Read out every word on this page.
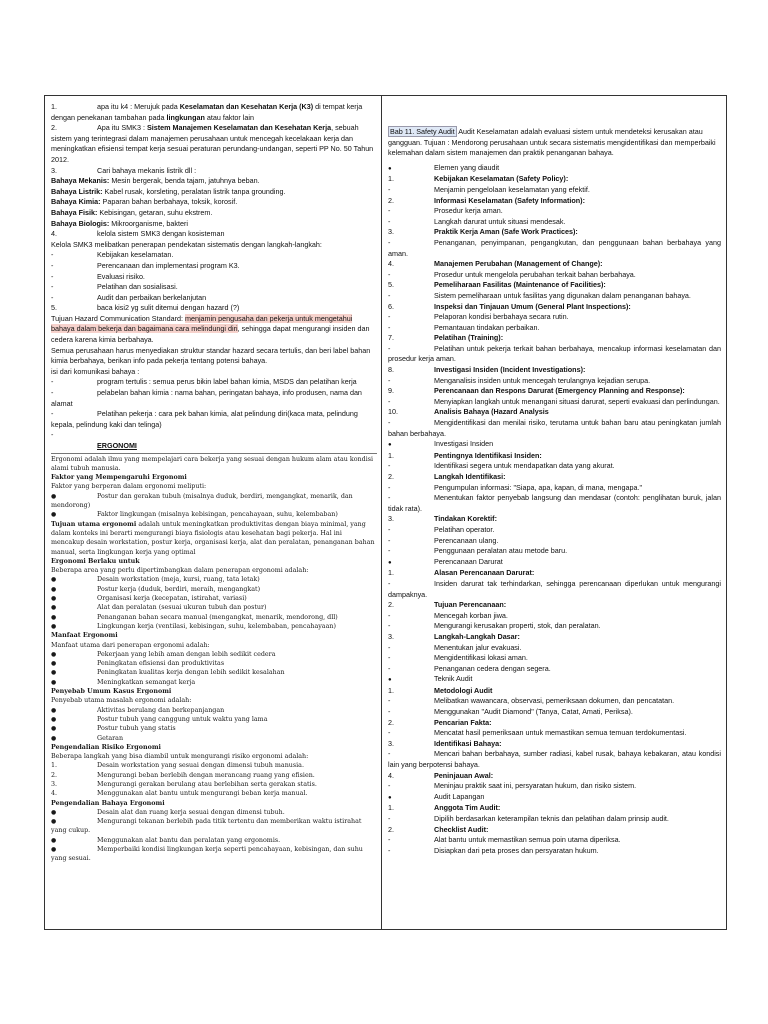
1.	apa itu k4 : Merujuk pada Keselamatan dan Kesehatan Kerja (K3) di tempat kerja dengan penekanan tambahan pada lingkungan atau faktor lain

2.	Apa itu SMK3 : Sistem Manajemen Keselamatan dan Kesehatan Kerja, sebuah sistem yang terintegrasi dalam manajemen perusahaan untuk mencegah kecelakaan kerja dan meningkatkan efisiensi tempat kerja sesuai peraturan perundang-undangan, seperti PP No. 50 Tahun 2012.

3.	Cari bahaya mekanis listrik dll :

Bahaya Mekanis: Mesin bergerak, benda tajam, jatuhnya beban.

Bahaya Listrik: Kabel rusak, korsleting, peralatan listrik tanpa grounding.

Bahaya Kimia: Paparan bahan berbahaya, toksik, korosif.

Bahaya Fisik: Kebisingan, getaran, suhu ekstrem.

Bahaya Biologis: Mikroorganisme, bakteri

4.	kelola sistem SMK3 dengan kosisteman

Kelola SMK3 melibatkan penerapan pendekatan sistematis dengan langkah-langkah:

- Kebijakan keselamatan.

- Perencanaan dan implementasi program K3.

- Evaluasi risiko.

- Pelatihan dan sosialisasi.

- Audit dan perbaikan berkelanjutan

5.	baca kisi2 yg sulit ditemui dengan hazard (?)

Tujuan Hazard Communication Standard: menjamin pengusaha dan pekerja untuk mengetahui bahaya dalam bekerja dan bagaimana cara melindungi diri, sehingga dapat mengurangi insiden dan cedera karena kimia berbahaya.

Semua perusahaan harus menyediakan struktur standar hazard secara tertulis, dan beri label bahan kimia berbahaya, berikan info pada pekerja tentang potensi bahaya.

isi dari komunikasi bahaya :

- program tertulis : semua perus bikin label bahan kimia, MSDS dan pelatihan kerja

- pelabelan bahan kimia : nama bahan, peringatan bahaya, info produsen, nama dan alamat

- Pelatihan pekerja : cara pek bahan kimia, alat pelindung diri(kaca mata, pelindung kepala, pelindung kaki dan telinga)

-

ERGONOMI

Ergonomi adalah ilmu yang mempelajari cara bekerja yang sesuai dengan hukum alam atau kondisi alami tubuh manusia.

Faktor yang Mempengaruhi Ergonomi

Faktor yang berperan dalam ergonomi meliputi:

● Postur dan gerakan tubuh (misalnya duduk, berdiri, mengangkat, menarik, dan mendorong)

● Faktor lingkungan (misalnya kebisingan, pencahayaan, suhu, kelembaban)

Tujuan utama ergonomi adalah untuk meningkatkan produktivitas dengan biaya minimal, yang dalam konteks ini berarti mengurangi biaya fisiologis atau kesehatan bagi pekerja. Hal ini mencakup desain workstation, postur kerja, organisasi kerja, alat dan peralatan, penanganan bahan manual, serta lingkungan kerja yang optimal

Ergonomi Berlaku untuk

Beberapa area yang perlu dipertimbangkan dalam penerapan ergonomi adalah:

● Desain workstation (meja, kursi, ruang, tata letak)

● Postur kerja (duduk, berdiri, meraih, mengangkat)

● Organisasi kerja (kecepatan, istirahat, variasi)

● Alat dan peralatan (sesuai ukuran tubuh dan postur)

● Penanganan bahan secara manual (mengangkat, menarik, mendorong, dll)

● Lingkungan kerja (ventilasi, kebisingan, suhu, kelembaban, pencahayaan)

Manfaat Ergonomi

Manfaat utama dari penerapan ergonomi adalah:

● Pekerjaan yang lebih aman dengan lebih sedikit cedera

● Peningkatan efisiensi dan produktivitas

● Peningkatan kualitas kerja dengan lebih sedikit kesalahan

● Meningkatkan semangat kerja

Penyebab Umum Kasus Ergonomi

Penyebab utama masalah ergonomi adalah:

● Aktivitas berulang dan berkepanjangan

● Postur tubuh yang canggung untuk waktu yang lama

● Postur tubuh yang statis

● Getaran

Pengendalian Risiko Ergonomi

Beberapa langkah yang bisa diambil untuk mengurangi risiko ergonomi adalah:

1.	Desain workstation yang sesuai dengan dimensi tubuh manusia.

2.	Mengurangi beban berlebih dengan merancang ruang yang efisien.

3.	Mengurangi gerakan berulang atau berlebihan serta gerakan statis.

4.	Menggunakan alat bantu untuk mengurangi beban kerja manual.

Pengendalian Bahaya Ergonomi

● Desain alat dan ruang kerja sesuai dengan dimensi tubuh.

● Mengurangi tekanan berlebih pada titik tertentu dan memberikan waktu istirahat yang cukup.

● Menggunakan alat bantu dan peralatan yang ergonomis.

● Memperbaiki kondisi lingkungan kerja seperti pencahayaan, kebisingan, dan suhu yang sesuai.

Bab 11. Safety Audit Audit Keselamatan adalah evaluasi sistem untuk mendeteksi kerusakan atau gangguan. Tujuan : Mendorong perusahaan untuk secara sistematis mengidentifikasi dan memperbaiki kelemahan dalam sistem manajemen dan praktik penanganan bahaya.

● Elemen yang diaudit

1.	Kebijakan Keselamatan (Safety Policy):

- Menjamin pengelolaan keselamatan yang efektif.

2.	Informasi Keselamatan (Safety Information):

- Prosedur kerja aman.

- Langkah darurat untuk situasi mendesak.

3.	Praktik Kerja Aman (Safe Work Practices):

- Penanganan, penyimpanan, pengangkutan, dan penggunaan bahan berbahaya yang aman.

4.	Manajemen Perubahan (Management of Change):

- Prosedur untuk mengelola perubahan terkait bahan berbahaya.

5.	Pemeliharaan Fasilitas (Maintenance of Facilities):

- Sistem pemeliharaan untuk fasilitas yang digunakan dalam penanganan bahaya.

6.	Inspeksi dan Tinjauan Umum (General Plant Inspections):

- Pelaporan kondisi berbahaya secara rutin.

- Pemantauan tindakan perbaikan.

7.	Pelatihan (Training):

- Pelatihan untuk pekerja terkait bahan berbahaya, mencakup informasi keselamatan dan prosedur kerja aman.

8.	Investigasi Insiden (Incident Investigations):

- Menganalisis insiden untuk mencegah terulangnya kejadian serupa.

9.	Perencanaan dan Respons Darurat (Emergency Planning and Response):

- Menyiapkan langkah untuk menangani situasi darurat, seperti evakuasi dan perlindungan.

10.	Analisis Bahaya (Hazard Analysis

- Mengidentifikasi dan menilai risiko, terutama untuk bahan baru atau peningkatan jumlah bahan berbahaya.

● Investigasi Insiden

1.	Pentingnya Identifikasi Insiden:

- Identifikasi segera untuk mendapatkan data yang akurat.

2.	Langkah Identifikasi:

- Pengumpulan informasi: "Siapa, apa, kapan, di mana, mengapa."

- Menentukan faktor penyebab langsung dan mendasar (contoh: penglihatan buruk, jalan tidak rata).

3.	Tindakan Korektif:

- Pelatihan operator.

- Perencanaan ulang.

- Penggunaan peralatan atau metode baru.

● Perencanaan Darurat

1.	Alasan Perencanaan Darurat:

- Insiden darurat tak terhindarkan, sehingga perencanaan diperlukan untuk mengurangi dampaknya.

2.	Tujuan Perencanaan:

- Mencegah korban jiwa.

- Mengurangi kerusakan properti, stok, dan peralatan.

3.	Langkah-Langkah Dasar:

- Menentukan jalur evakuasi.

- Mengidentifikasi lokasi aman.

- Penanganan cedera dengan segera.

● Teknik Audit

1.	Metodologi Audit

- Melibatkan wawancara, observasi, pemeriksaan dokumen, dan pencatatan.

- Menggunakan "Audit Diamond" (Tanya, Catat, Amati, Periksa).

2.	Pencarian Fakta:

- Mencatat hasil pemeriksaan untuk memastikan semua temuan terdokumentasi.

3.	Identifikasi Bahaya:

- Mencari bahan berbahaya, sumber radiasi, kabel rusak, bahaya kebakaran, atau kondisi lain yang berpotensi bahaya.

4.	Peninjauan Awal:

- Meninjau praktik saat ini, persyaratan hukum, dan risiko sistem.

● Audit Lapangan

1.	Anggota Tim Audit:

- Dipilih berdasarkan keterampilan teknis dan pelatihan dalam prinsip audit.

2.	Checklist Audit:

- Alat bantu untuk memastikan semua poin utama diperiksa.

- Disiapkan dari peta proses dan persyaratan hukum.
